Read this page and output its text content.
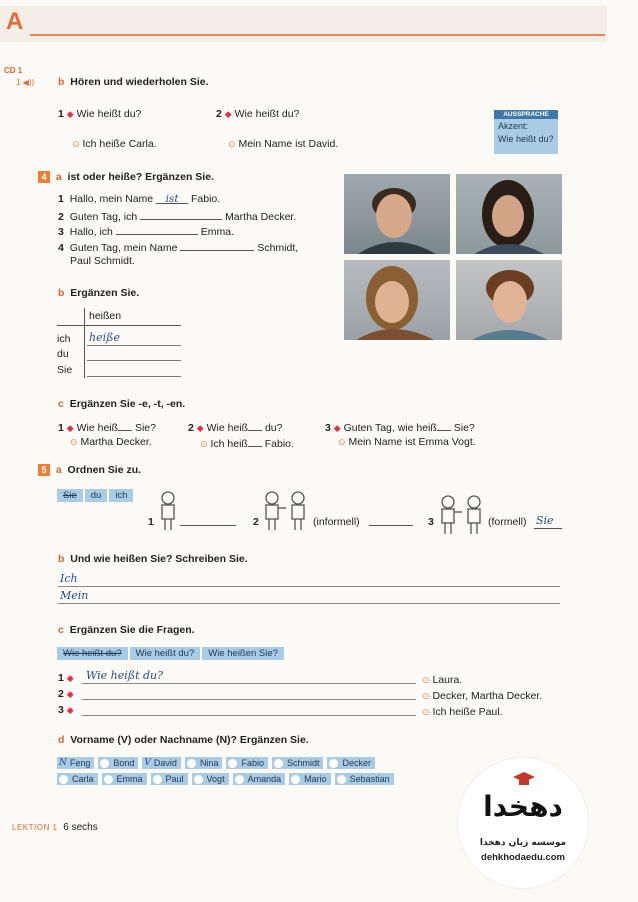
A
CD 1
1 ◀)) b Hören und wiederholen Sie.
1 ◆ Wie heißt du?
⊙ Ich heiße Carla.
2 ◆ Wie heißt du?
⊙ Mein Name ist David.
AUSSPRACHE
Akzent:
Wie heißt du?
4 a ist oder heiße? Ergänzen Sie.
1 Hallo, mein Name ist Fabio.
2 Guten Tag, ich	Martha Decker.
3 Hallo, ich	Emma.
4 Guten Tag, mein Name	Schmidt,
Paul Schmidt.
b Ergänzen Sie.
heißen
ich heiße
du
Sie
c Ergänzen Sie -e, -t, -en.
1 ◆ Wie heiß Sie?
⊙ Martha Decker.
2 ◆ Wie heiß du?
⊙ Ich heiß Fabio.
3 ◆ Guten Tag, wie heiß Sie?
⊙ Mein Name ist Emma Vogt.
5 a Ordnen Sie zu.
Sie du ich
1	2	(informell)	3	(formell) Sie
b Und wie heißen Sie? Schreiben Sie.
Ich
Mein
c Ergänzen Sie die Fragen.
Wie heißt du? Wie heißt du? Wie heißen Sie?
1 ◆ Wie heißt du?	⊙ Laura.
2 ◆	⊙ Decker, Martha Decker.
3 ◆	⊙ Ich heiße Paul.
d Vorname (V) oder Nachname (N)? Ergänzen Sie.
N Feng	Bond V David	Nina	Fabio	Schmidt	Decker
Carla	Emma	Paul	Vogt	Amanda	Mario	Sebastian
LEKTION 1 6 sechs
دهخدا
موسسه زبان دهخدا
dehkhodaedu.com
